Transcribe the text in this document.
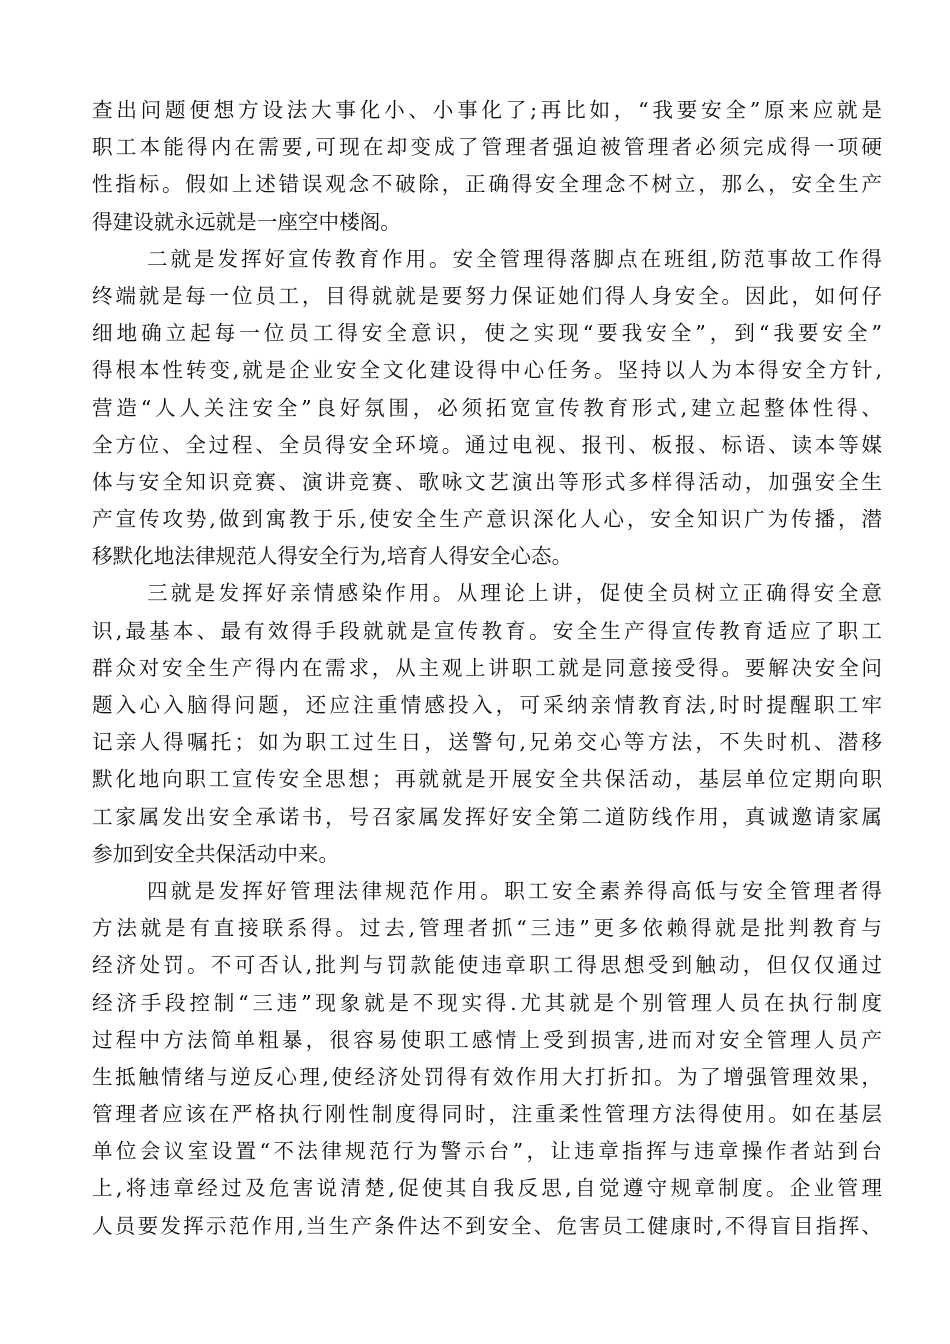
查出问题便想方设法大事化小、小事化了;再比如，“我要安全”原来应就是
职工本能得内在需要,可现在却变成了管理者强迫被管理者必须完成得一项硬
性指标。假如上述错误观念不破除，正确得安全理念不树立，那么，安全生产
得建设就永远就是一座空中楼阁。
二就是发挥好宣传教育作用。安全管理得落脚点在班组,防范事故工作得
终端就是每一位员工，目得就就是要努力保证她们得人身安全。因此，如何仔
细地确立起每一位员工得安全意识，使之实现“要我安全”，到“我要安全”
得根本性转变,就是企业安全文化建设得中心任务。坚持以人为本得安全方针,
营造“人人关注安全”良好氛围，必须拓宽宣传教育形式,建立起整体性得、
全方位、全过程、全员得安全环境。通过电视、报刊、板报、标语、读本等媒
体与安全知识竞赛、演讲竞赛、歌咏文艺演出等形式多样得活动，加强安全生
产宣传攻势,做到寓教于乐,使安全生产意识深化人心，安全知识广为传播，潜
移默化地法律规范人得安全行为,培育人得安全心态。
三就是发挥好亲情感染作用。从理论上讲，促使全员树立正确得安全意
识,最基本、最有效得手段就就是宣传教育。安全生产得宣传教育适应了职工
群众对安全生产得内在需求，从主观上讲职工就是同意接受得。要解决安全问
题入心入脑得问题，还应注重情感投入，可采纳亲情教育法,时时提醒职工牢
记亲人得嘱托；如为职工过生日，送警句,兄弟交心等方法，不失时机、潜移
默化地向职工宣传安全思想；再就就是开展安全共保活动，基层单位定期向职
工家属发出安全承诺书，号召家属发挥好安全第二道防线作用，真诚邀请家属
参加到安全共保活动中来。
四就是发挥好管理法律规范作用。职工安全素养得高低与安全管理者得
方法就是有直接联系得。过去,管理者抓“三违”更多依赖得就是批判教育与
经济处罚。不可否认,批判与罚款能使违章职工得思想受到触动，但仅仅通过
经济手段控制“三违”现象就是不现实得.尤其就是个别管理人员在执行制度
过程中方法简单粗暴，很容易使职工感情上受到损害,进而对安全管理人员产
生抵触情绪与逆反心理,使经济处罚得有效作用大打折扣。为了增强管理效果，
管理者应该在严格执行刚性制度得同时，注重柔性管理方法得使用。如在基层
单位会议室设置“不法律规范行为警示台”，让违章指挥与违章操作者站到台
上,将违章经过及危害说清楚,促使其自我反思,自觉遵守规章制度。企业管理
人员要发挥示范作用,当生产条件达不到安全、危害员工健康时,不得盲目指挥、
